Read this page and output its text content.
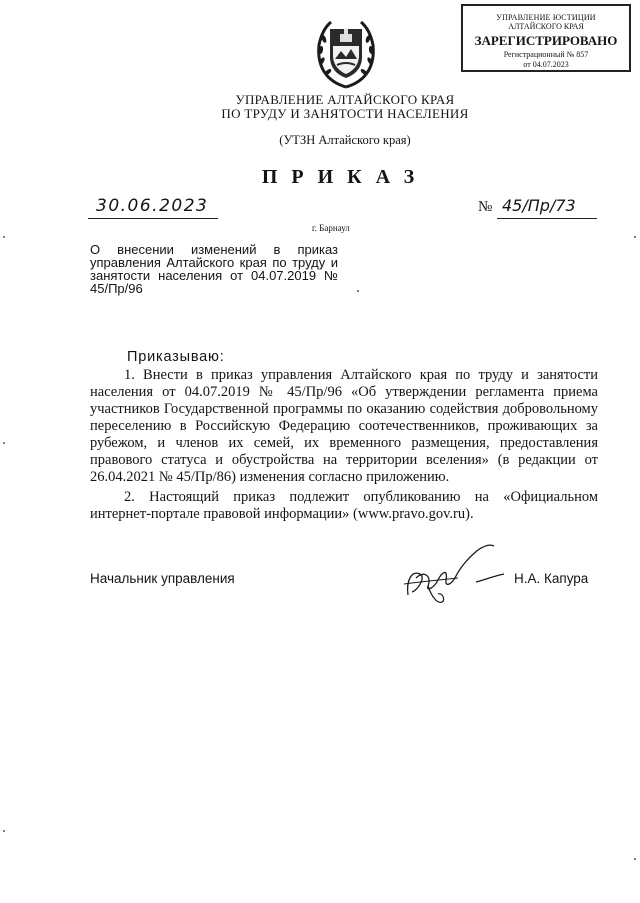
УПРАВЛЕНИЕ ЮСТИЦИИ
АЛТАЙСКОГО КРАЯ
ЗАРЕГИСТРИРОВАНО
Регистрационный № 857
от 04.07.2023
УПРАВЛЕНИЕ АЛТАЙСКОГО КРАЯ
ПО ТРУДУ И ЗАНЯТОСТИ НАСЕЛЕНИЯ
(УТЗН Алтайского края)
ПРИКАЗ
30.06.2023
г. Барнаул
№ 45/Пр/73
О внесении изменений в приказ управления Алтайского края по труду и занятости населения от 04.07.2019 № 45/Пр/96
Приказываю:
1. Внести в приказ управления Алтайского края по труду и занятости населения от 04.07.2019 № 45/Пр/96 «Об утверждении регламента приема участников Государственной программы по оказанию содействия добровольному переселению в Российскую Федерацию соотечественников, проживающих за рубежом, и членов их семей, их временного размещения, предоставления правового статуса и обустройства на территории вселения» (в редакции от 26.04.2021 № 45/Пр/86) изменения согласно приложению.
2. Настоящий приказ подлежит опубликованию на «Официальном интернет-портале правовой информации» (www.pravo.gov.ru).
Начальник управления	Н.А. Капура
